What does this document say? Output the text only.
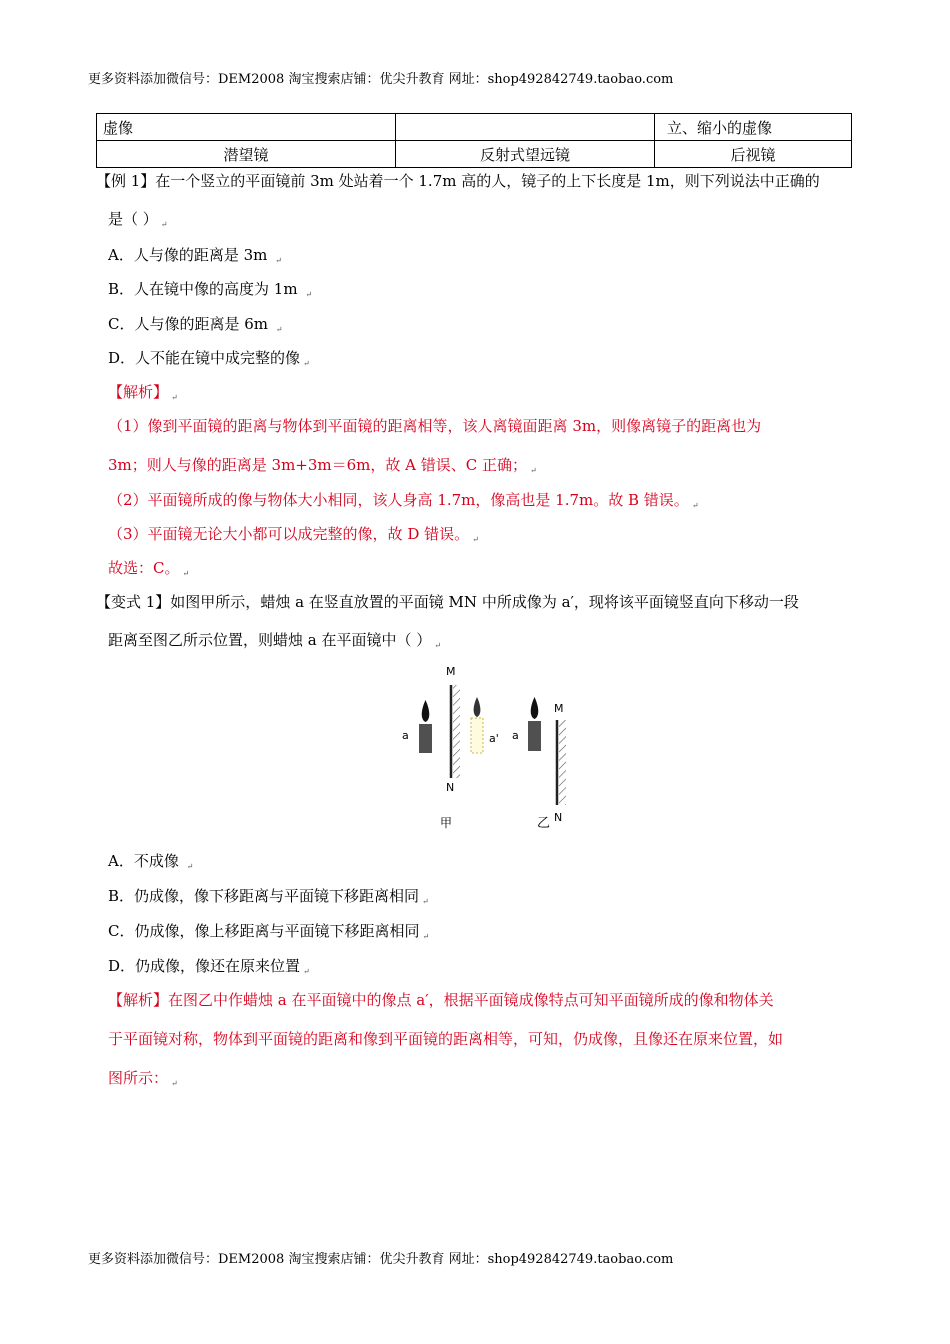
更多资料添加微信号：DEM2008 淘宝搜索店铺：优尖升教育 网址：shop492842749.taobao.com
虚像		立、缩小的虚像
潜望镜	反射式望远镜	后视镜
【例 1】在一个竖立的平面镜前 3m 处站着一个 1.7m 高的人，镜子的上下长度是 1m，则下列说法中正确的
是（ ） $_↵$
A．人与像的距离是 3m $_↵$
B．人在镜中像的高度为 1m $_↵$
C．人与像的距离是 6m $_↵$
D．人不能在镜中成完整的像 $_↵$
【解析】 $_↵$
（1）像到平面镜的距离与物体到平面镜的距离相等，该人离镜面距离 3m，则像离镜子的距离也为
3m；则人与像的距离是 3m+3m＝6m，故 A 错误、C 正确； $_↵$
（2）平面镜所成的像与物体大小相同，该人身高 1.7m，像高也是 1.7m。故 B 错误。 $_↵$
（3）平面镜无论大小都可以成完整的像，故 D 错误。 $_↵$
故选：C。 $_↵$
【变式 1】如图甲所示，蜡烛 a 在竖直放置的平面镜 MN 中所成像为 a′，现将该平面镜竖直向下移动一段
距离至图乙所示位置，则蜡烛 a 在平面镜中（ ） $_↵$
M
a
N
a'
甲
a
M
乙 N
A．不成像 $_↵$
B．仍成像，像下移距离与平面镜下移距离相同 $_↵$
C．仍成像，像上移距离与平面镜下移距离相同 $_↵$
D．仍成像，像还在原来位置 $_↵$
【解析】在图乙中作蜡烛 a 在平面镜中的像点 a′，根据平面镜成像特点可知平面镜所成的像和物体关
于平面镜对称，物体到平面镜的距离和像到平面镜的距离相等，可知，仍成像，且像还在原来位置，如
图所示： $_↵$
更多资料添加微信号：DEM2008 淘宝搜索店铺：优尖升教育 网址：shop492842749.taobao.com
